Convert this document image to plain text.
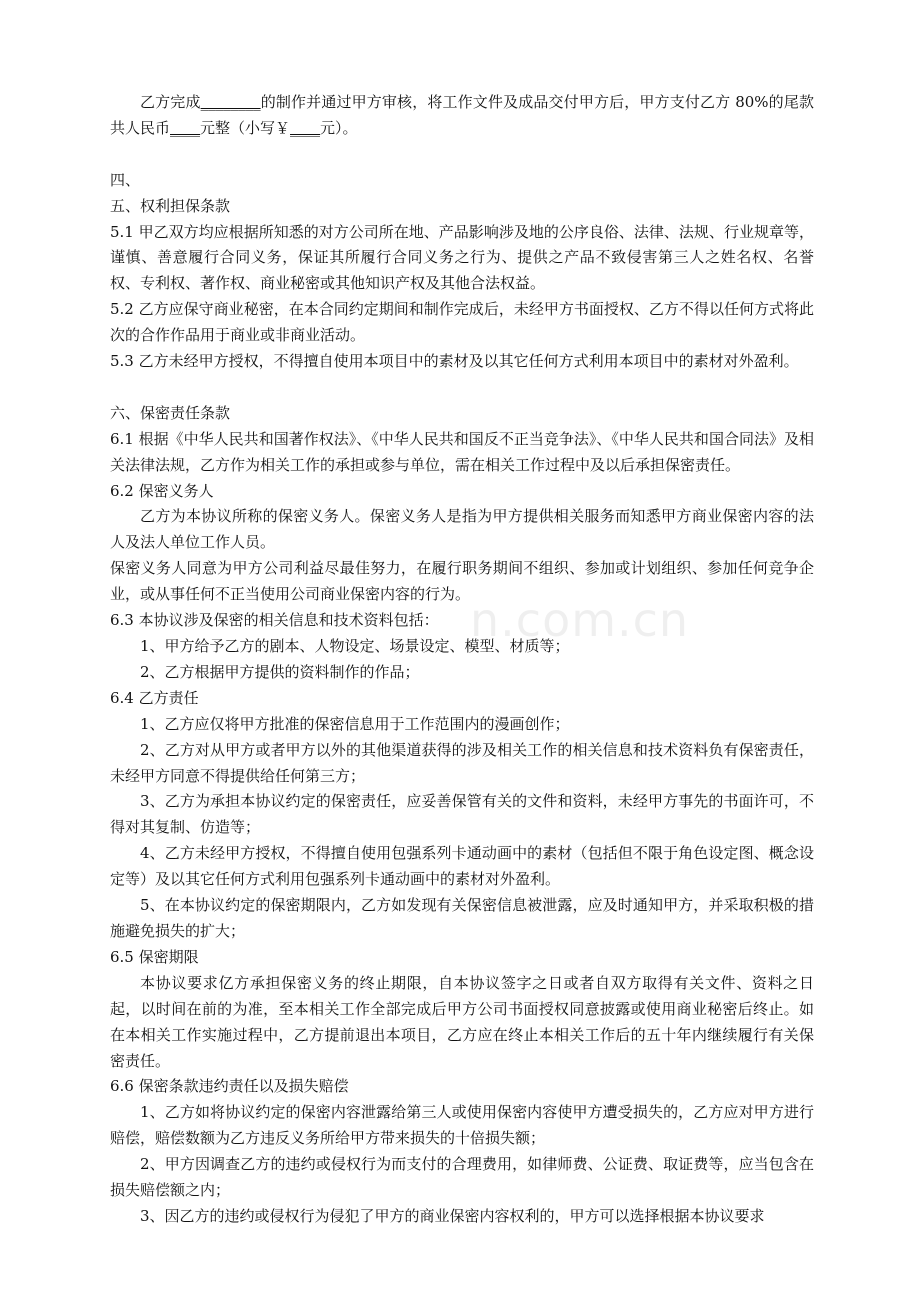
乙方完成________的制作并通过甲方审核，将工作文件及成品交付甲方后，甲方支付乙方 80%的尾款共人民币____元整（小写￥____元）。

四、

五、权利担保条款

5.1 甲乙双方均应根据所知悉的对方公司所在地、产品影响涉及地的公序良俗、法律、法规、行业规章等，谨慎、善意履行合同义务，保证其所履行合同义务之行为、提供之产品不致侵害第三人之姓名权、名誉权、专利权、著作权、商业秘密或其他知识产权及其他合法权益。

5.2 乙方应保守商业秘密，在本合同约定期间和制作完成后，未经甲方书面授权、乙方不得以任何方式将此次的合作作品用于商业或非商业活动。

5.3 乙方未经甲方授权，不得擅自使用本项目中的素材及以其它任何方式利用本项目中的素材对外盈利。

六、保密责任条款

6.1 根据《中华人民共和国著作权法》、《中华人民共和国反不正当竞争法》、《中华人民共和国合同法》及相关法律法规，乙方作为相关工作的承担或参与单位，需在相关工作过程中及以后承担保密责任。

6.2 保密义务人

乙方为本协议所称的保密义务人。保密义务人是指为甲方提供相关服务而知悉甲方商业保密内容的法人及法人单位工作人员。

保密义务人同意为甲方公司利益尽最佳努力，在履行职务期间不组织、参加或计划组织、参加任何竞争企业，或从事任何不正当使用公司商业保密内容的行为。

6.3 本协议涉及保密的相关信息和技术资料包括：

1、甲方给予乙方的剧本、人物设定、场景设定、模型、材质等；

2、乙方根据甲方提供的资料制作的作品；

6.4 乙方责任

1、乙方应仅将甲方批准的保密信息用于工作范围内的漫画创作；

2、乙方对从甲方或者甲方以外的其他渠道获得的涉及相关工作的相关信息和技术资料负有保密责任，未经甲方同意不得提供给任何第三方；

3、乙方为承担本协议约定的保密责任，应妥善保管有关的文件和资料，未经甲方事先的书面许可，不得对其复制、仿造等；

4、乙方未经甲方授权，不得擅自使用包强系列卡通动画中的素材（包括但不限于角色设定图、概念设定等）及以其它任何方式利用包强系列卡通动画中的素材对外盈利。

5、在本协议约定的保密期限内，乙方如发现有关保密信息被泄露，应及时通知甲方，并采取积极的措施避免损失的扩大；

6.5 保密期限

本协议要求亿方承担保密义务的终止期限，自本协议签字之日或者自双方取得有关文件、资料之日起，以时间在前的为准，至本相关工作全部完成后甲方公司书面授权同意披露或使用商业秘密后终止。如在本相关工作实施过程中，乙方提前退出本项目，乙方应在终止本相关工作后的五十年内继续履行有关保密责任。

6.6 保密条款违约责任以及损失赔偿

1、乙方如将协议约定的保密内容泄露给第三人或使用保密内容使甲方遭受损失的，乙方应对甲方进行赔偿，赔偿数额为乙方违反义务所给甲方带来损失的十倍损失额；

2、甲方因调查乙方的违约或侵权行为而支付的合理费用，如律师费、公证费、取证费等，应当包含在损失赔偿额之内；

3、因乙方的违约或侵权行为侵犯了甲方的商业保密内容权利的，甲方可以选择根据本协议要求

n.com.cn
